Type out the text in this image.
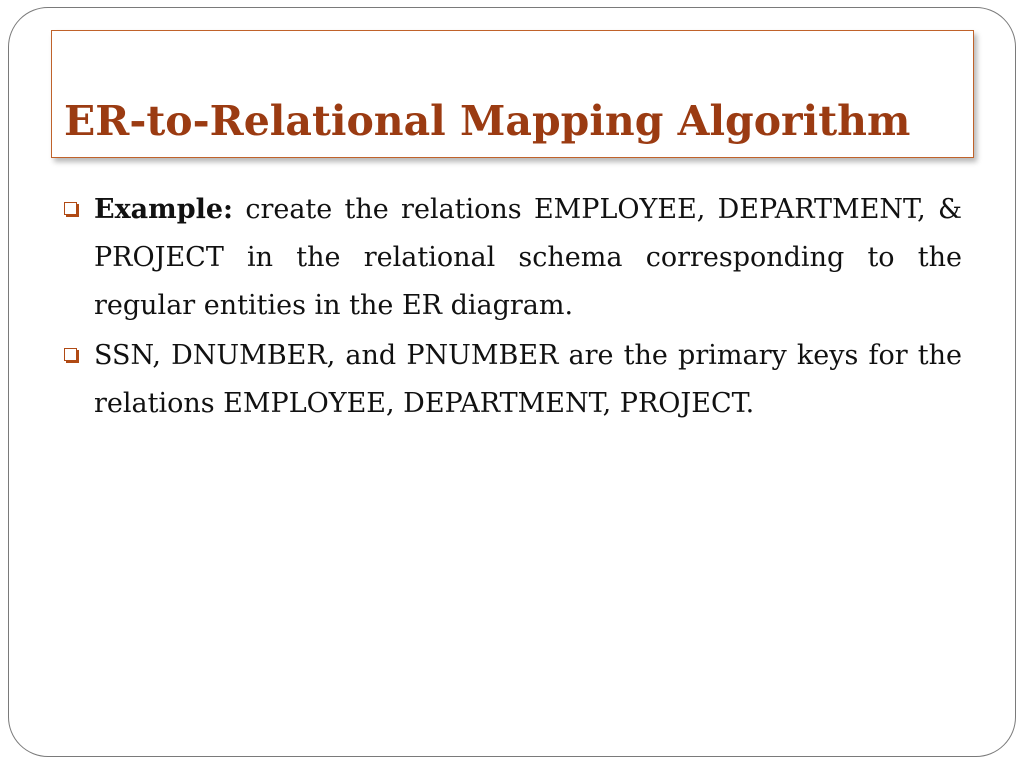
ER-to-Relational Mapping Algorithm

Example: create the relations EMPLOYEE, DEPARTMENT, & PROJECT in the relational schema corresponding to the regular entities in the ER diagram.

SSN, DNUMBER, and PNUMBER are the primary keys for the relations EMPLOYEE, DEPARTMENT, PROJECT.
